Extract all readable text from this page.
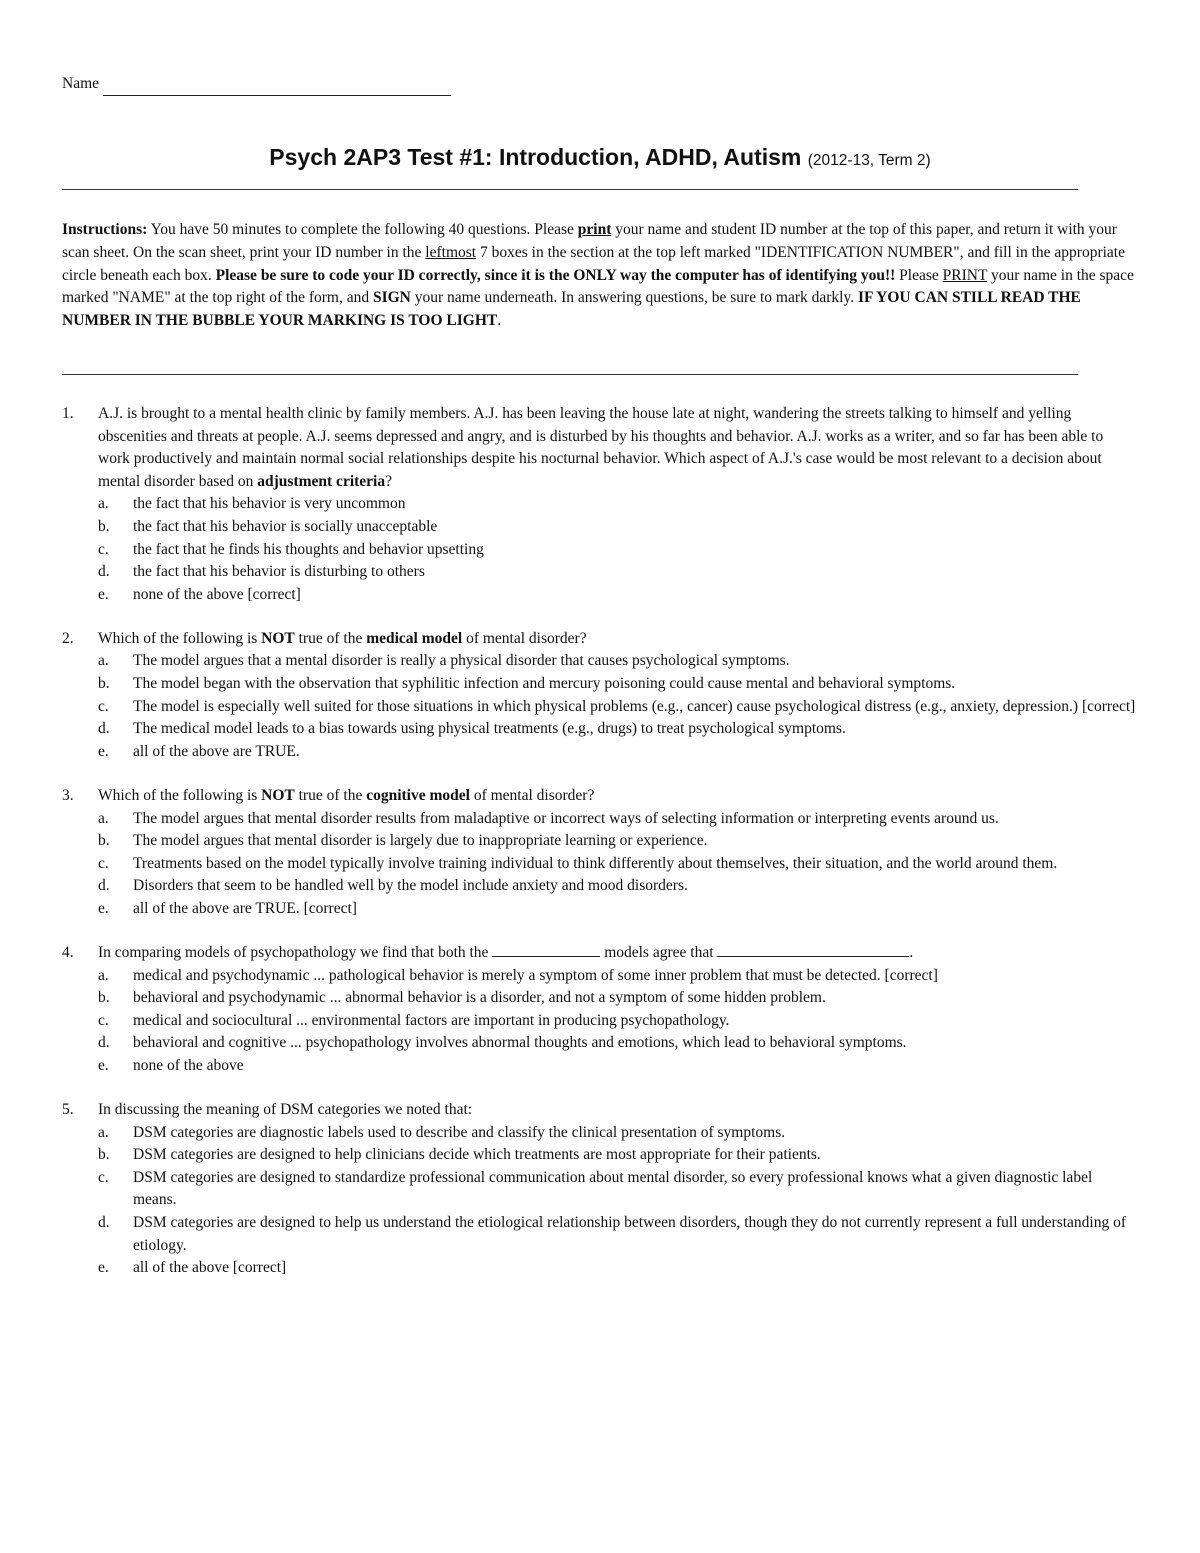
Name
Psych 2AP3 Test #1: Introduction, ADHD, Autism (2012-13, Term 2)

Instructions: You have 50 minutes to complete the following 40 questions. Please print your name and student ID number at the top of this paper, and return it with your scan sheet. On the scan sheet, print your ID number in the leftmost 7 boxes in the section at the top left marked "IDENTIFICATION NUMBER", and fill in the appropriate circle beneath each box. Please be sure to code your ID correctly, since it is the ONLY way the computer has of identifying you!! Please PRINT your name in the space marked "NAME" at the top right of the form, and SIGN your name underneath. In answering questions, be sure to mark darkly. IF YOU CAN STILL READ THE NUMBER IN THE BUBBLE YOUR MARKING IS TOO LIGHT.

1.	A.J. is brought to a mental health clinic by family members. A.J. has been leaving the house late at night, wandering the streets talking to himself and yelling obscenities and threats at people. A.J. seems depressed and angry, and is disturbed by his thoughts and behavior. A.J. works as a writer, and so far has been able to work productively and maintain normal social relationships despite his nocturnal behavior. Which aspect of A.J.'s case would be most relevant to a decision about mental disorder based on adjustment criteria?
a.	the fact that his behavior is very uncommon
b.	the fact that his behavior is socially unacceptable
c.	the fact that he finds his thoughts and behavior upsetting
d.	the fact that his behavior is disturbing to others
e.	none of the above [correct]
2.	Which of the following is NOT true of the medical model of mental disorder?
a.	The model argues that a mental disorder is really a physical disorder that causes psychological symptoms.
b.	The model began with the observation that syphilitic infection and mercury poisoning could cause mental and behavioral symptoms.
c.	The model is especially well suited for those situations in which physical problems (e.g., cancer) cause psychological distress (e.g., anxiety, depression.) [correct]
d.	The medical model leads to a bias towards using physical treatments (e.g., drugs) to treat psychological symptoms.
e.	all of the above are TRUE.
3.	Which of the following is NOT true of the cognitive model of mental disorder?
a.	The model argues that mental disorder results from maladaptive or incorrect ways of selecting information or interpreting events around us.
b.	The model argues that mental disorder is largely due to inappropriate learning or experience.
c.	Treatments based on the model typically involve training individual to think differently about themselves, their situation, and the world around them.
d.	Disorders that seem to be handled well by the model include anxiety and mood disorders.
e.	all of the above are TRUE. [correct]
4.	In comparing models of psychopathology we find that both the	models agree that	.
a.	medical and psychodynamic ... pathological behavior is merely a symptom of some inner problem that must be detected. [correct]
b.	behavioral and psychodynamic ... abnormal behavior is a disorder, and not a symptom of some hidden problem.
c.	medical and sociocultural ... environmental factors are important in producing psychopathology.
d.	behavioral and cognitive ... psychopathology involves abnormal thoughts and emotions, which lead to behavioral symptoms.
e.	none of the above
5.	In discussing the meaning of DSM categories we noted that:
a.	DSM categories are diagnostic labels used to describe and classify the clinical presentation of symptoms.
b.	DSM categories are designed to help clinicians decide which treatments are most appropriate for their patients.
c.	DSM categories are designed to standardize professional communication about mental disorder, so every professional knows what a given diagnostic label means.
d.	DSM categories are designed to help us understand the etiological relationship between disorders, though they do not currently represent a full understanding of etiology.
e.	all of the above [correct]
